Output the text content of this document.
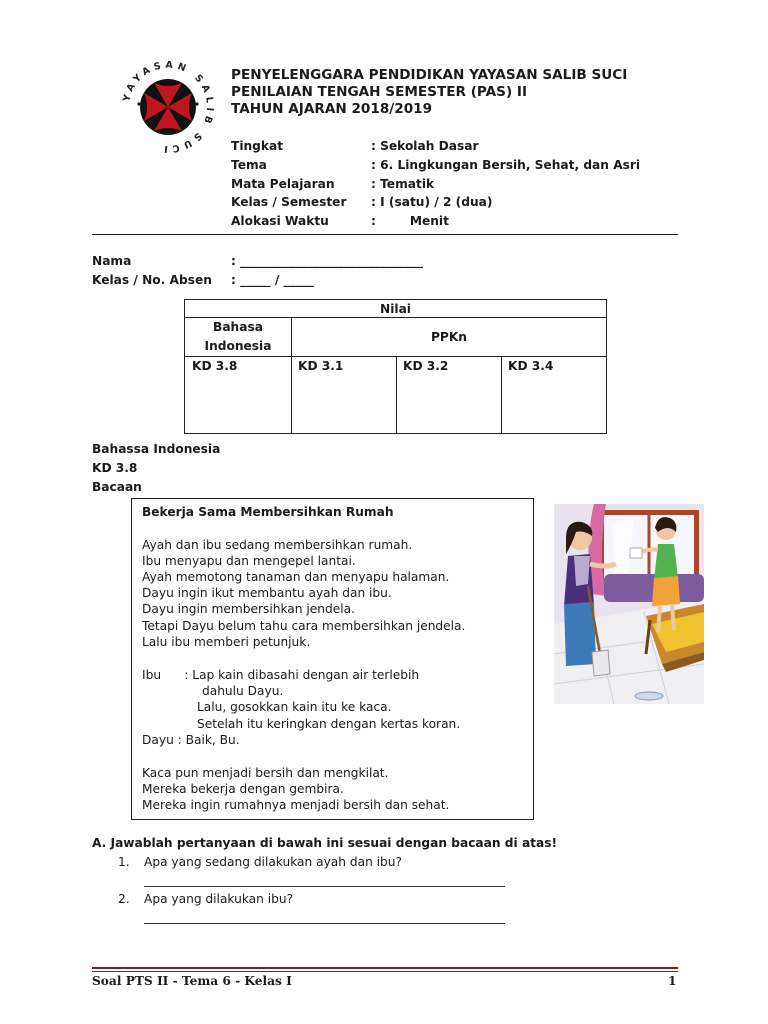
YAYASAN SALIB SUCI
PENYELENGGARA PENDIDIKAN YAYASAN SALIB SUCI
PENILAIAN TENGAH SEMESTER (PAS) II
TAHUN AJARAN 2018/2019
Tingkat	: Sekolah Dasar
Tema	: 6. Lingkungan Bersih, Sehat, dan Asri
Mata Pelajaran	: Tematik
Kelas / Semester : I (satu) / 2 (dua)
Alokasi Waktu	:        Menit
Nama	: ______________________________
Kelas / No. Absen : _____ / _____
Nilai			
Bahasa Indonesia	PPKn		
KD 3.8	KD 3.1	KD 3.2	KD 3.4
Bahassa Indonesia
KD 3.8
Bacaan
Bekerja Sama Membersihkan Rumah
Ayah dan ibu sedang membersihkan rumah.
Ibu menyapu dan mengepel lantai.
Ayah memotong tanaman dan menyapu halaman.
Dayu ingin ikut membantu ayah dan ibu.
Dayu ingin membersihkan jendela.
Tetapi Dayu belum tahu cara membersihkan jendela.
Lalu ibu memberi petunjuk.
Ibu      : Lap kain dibasahi dengan air terlebih
dahulu Dayu.
Lalu, gosokkan kain itu ke kaca.
Setelah itu keringkan dengan kertas koran.
Dayu : Baik, Bu.
Kaca pun menjadi bersih dan mengkilat.
Mereka bekerja dengan gembira.
Mereka ingin rumahnya menjadi bersih dan sehat.
A. Jawablah pertanyaan di bawah ini sesuai dengan bacaan di atas!
1. Apa yang sedang dilakukan ayah dan ibu?
2. Apa yang dilakukan ibu?
Soal PTS II - Tema 6 - Kelas I	1
